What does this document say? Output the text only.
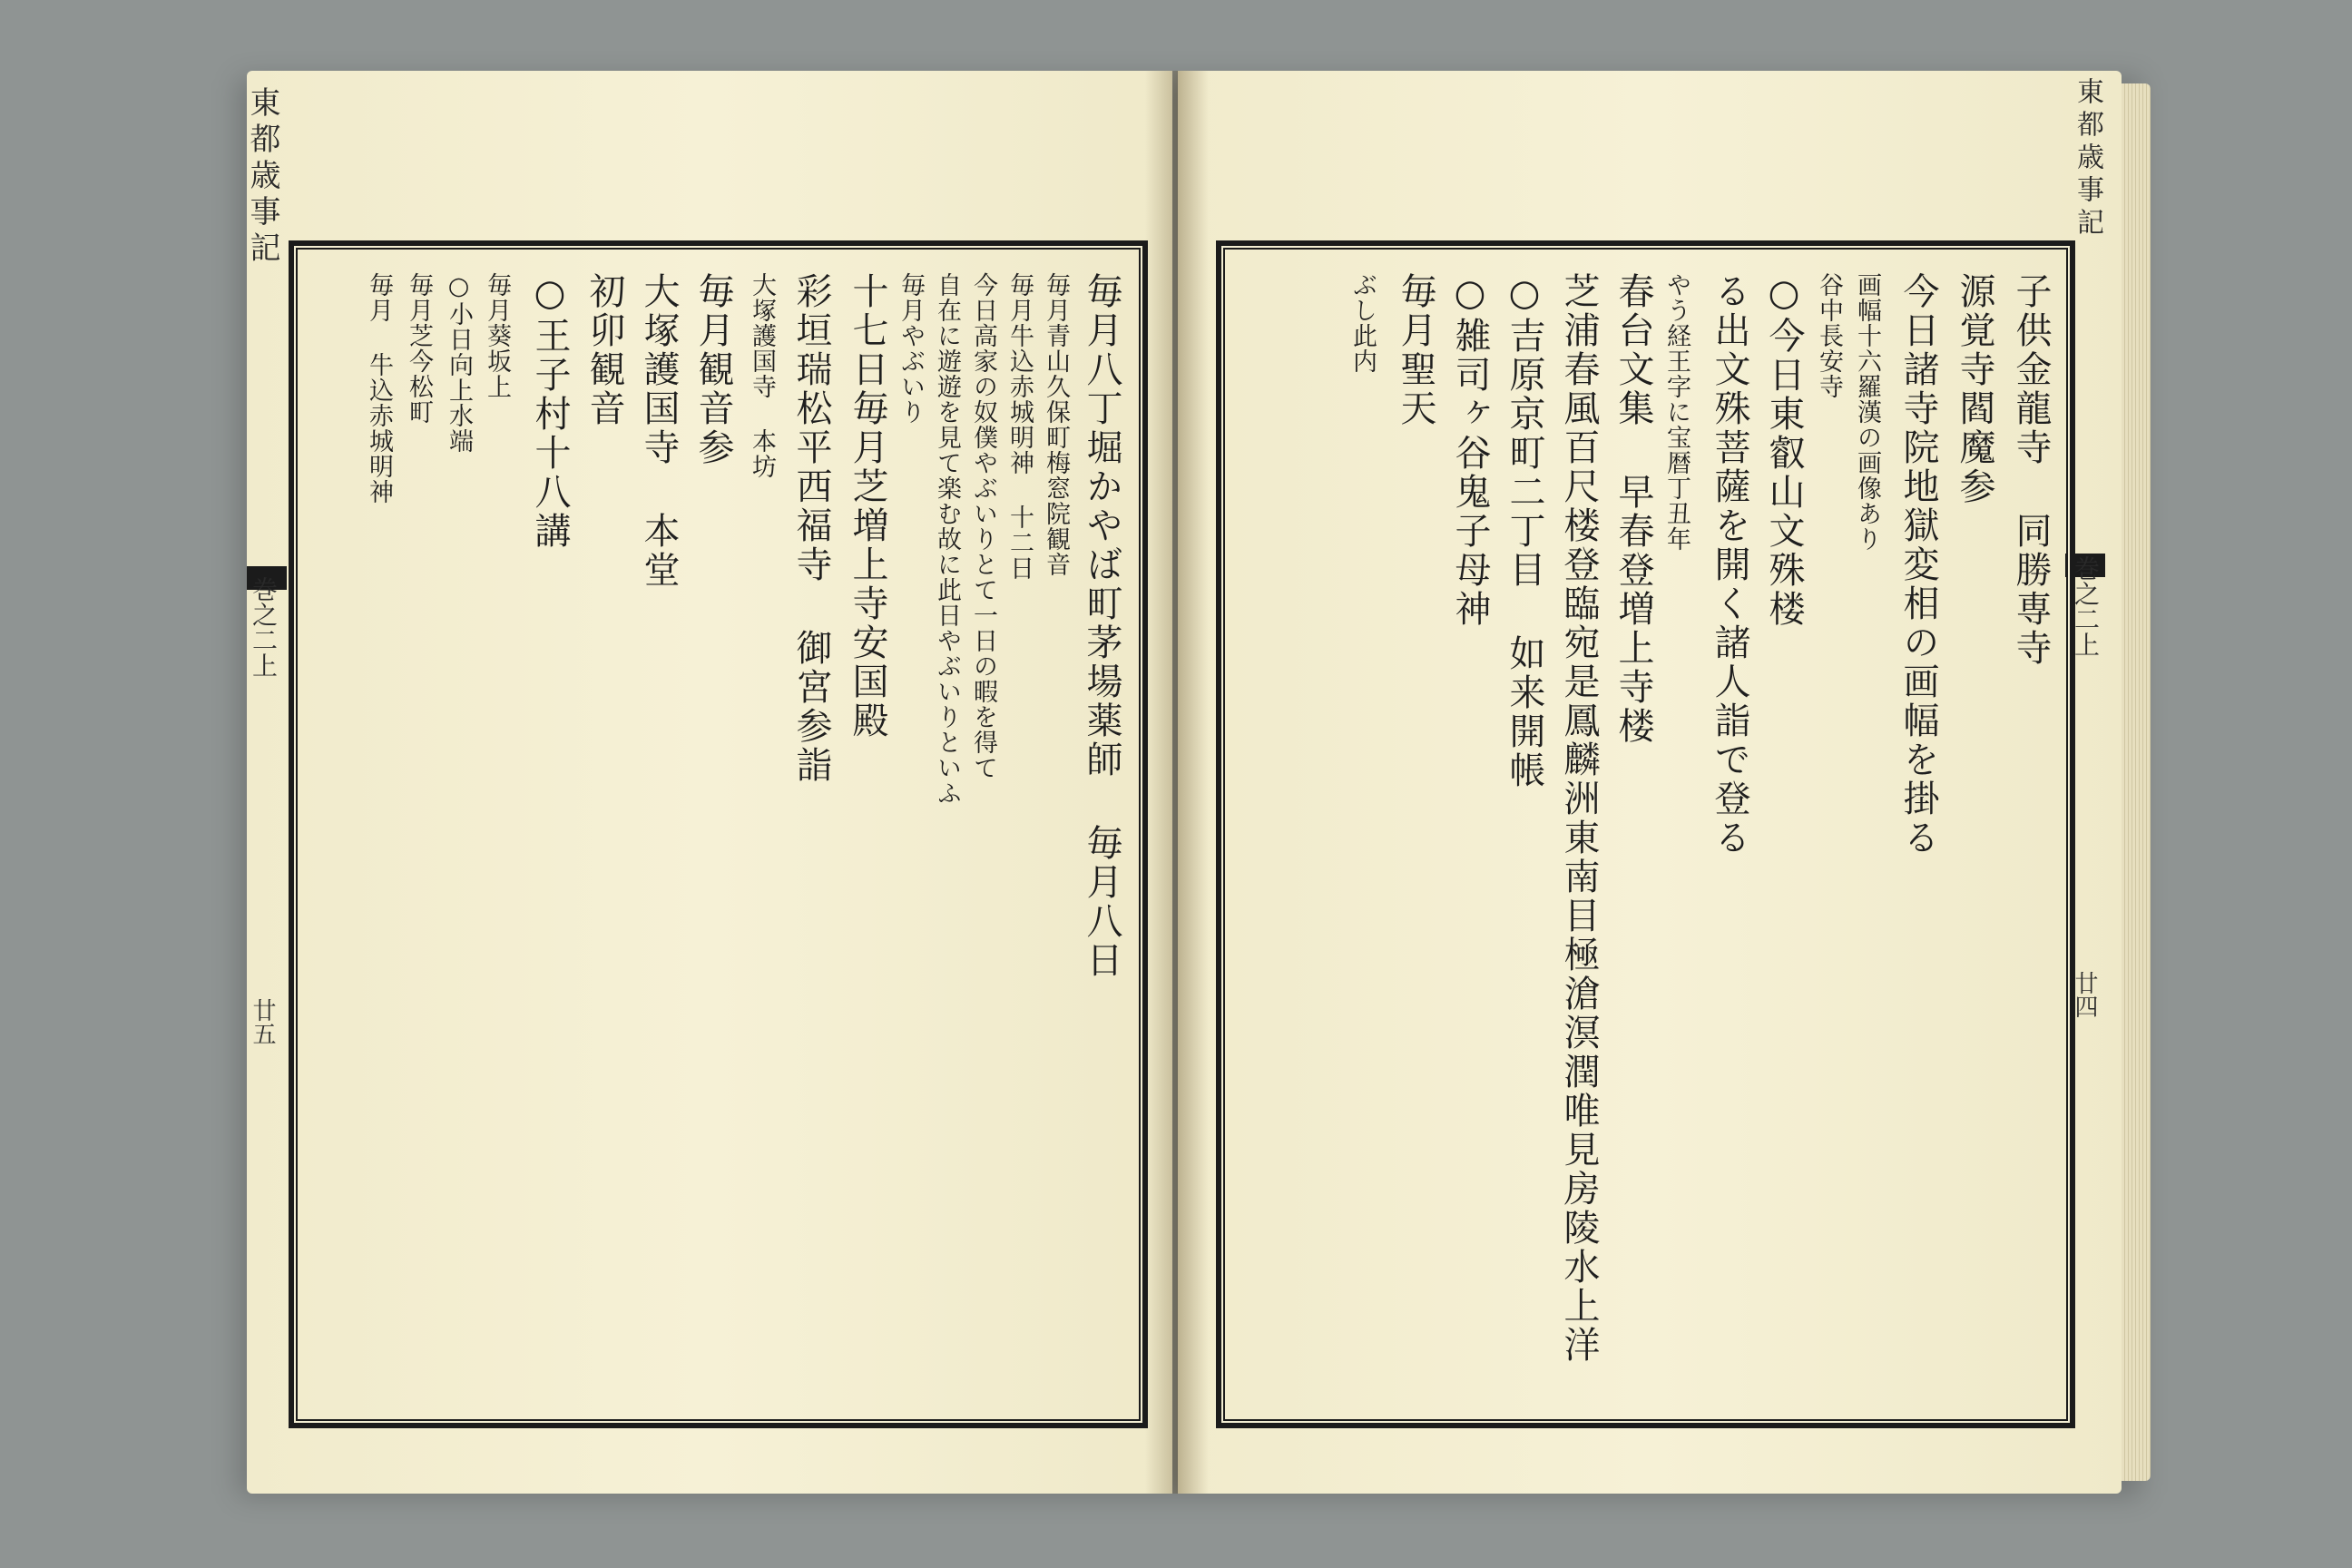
東都歳事記
巻之二上
廿五
東都歳事記
巻之二上
廿四
毎月八丁堀かやば町茅場薬師 毎月八日
毎月青山久保町梅窓院観音
毎月牛込赤城明神 十二日
今日高家の奴僕やぶいりとて一日の暇を得て
自在に遊遊を見て楽む故に此日やぶいりといふ
毎月やぶいり
十七日毎月芝増上寺安国殿
彩垣瑞松平西福寺 御宮参詣
大塚護国寺 本坊
毎月観音参
大塚護国寺 本堂
初卯観音
○王子村十八講
毎月葵坂上
○小日向上水端
毎月芝今松町
毎月 牛込赤城明神	子供金龍寺 同勝専寺
源覚寺閻魔参
今日諸寺院地獄変相の画幅を掛る
画幅十六羅漢の画像あり
谷中長安寺
○今日東叡山文殊楼
る出文殊菩薩を開く諸人詣で登る
やう経王字に宝暦丁丑年
春台文集 早春登増上寺楼
芝浦春風百尺楼登臨宛是鳳麟洲東南目極滄溟潤唯見房陵水上洋
○吉原京町二丁目 如来開帳
○雑司ヶ谷鬼子母神
毎月聖天
ぶし此内
